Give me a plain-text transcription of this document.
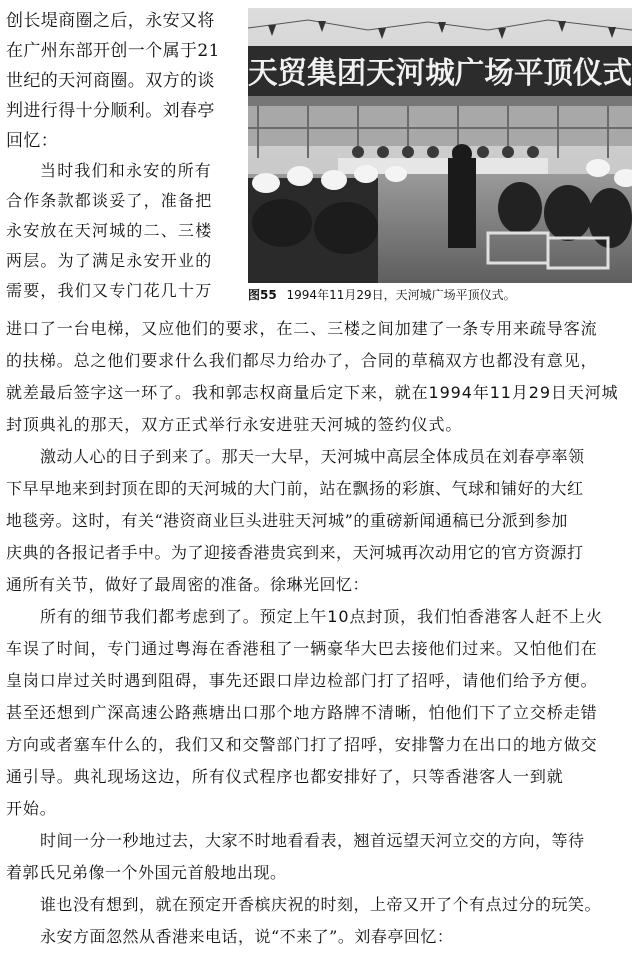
创长堤商圈之后，永安又将
在广州东部开创一个属于21
世纪的天河商圈。双方的谈
判进行得十分顺利。刘春亭
回忆：

当时我们和永安的所有
合作条款都谈妥了，准备把
永安放在天河城的二、三楼
两层。为了满足永安开业的
需要，我们又专门花几十万

天贸集团天河城广场平顶仪式
图55 1994年11月29日，天河城广场平顶仪式。

进口了一台电梯，又应他们的要求，在二、三楼之间加建了一条专用来疏导客流
的扶梯。总之他们要求什么我们都尽力给办了，合同的草稿双方也都没有意见，
就差最后签字这一环了。我和郭志权商量后定下来，就在1994年11月29日天河城
封顶典礼的那天，双方正式举行永安进驻天河城的签约仪式。

激动人心的日子到来了。那天一大早，天河城中高层全体成员在刘春亭率领
下早早地来到封顶在即的天河城的大门前，站在飘扬的彩旗、气球和铺好的大红
地毯旁。这时，有关“港资商业巨头进驻天河城”的重磅新闻通稿已分派到参加
庆典的各报记者手中。为了迎接香港贵宾到来，天河城再次动用它的官方资源打
通所有关节，做好了最周密的准备。徐琳光回忆：

所有的细节我们都考虑到了。预定上午10点封顶，我们怕香港客人赶不上火
车误了时间，专门通过粤海在香港租了一辆豪华大巴去接他们过来。又怕他们在
皇岗口岸过关时遇到阻碍，事先还跟口岸边检部门打了招呼，请他们给予方便。
甚至还想到广深高速公路燕塘出口那个地方路牌不清晰，怕他们下了立交桥走错
方向或者塞车什么的，我们又和交警部门打了招呼，安排警力在出口的地方做交
通引导。典礼现场这边，所有仪式程序也都安排好了，只等香港客人一到就
开始。

时间一分一秒地过去，大家不时地看看表，翘首远望天河立交的方向，等待
着郭氏兄弟像一个外国元首般地出现。

谁也没有想到，就在预定开香槟庆祝的时刻，上帝又开了个有点过分的玩笑。

永安方面忽然从香港来电话，说“不来了”。刘春亭回忆：
